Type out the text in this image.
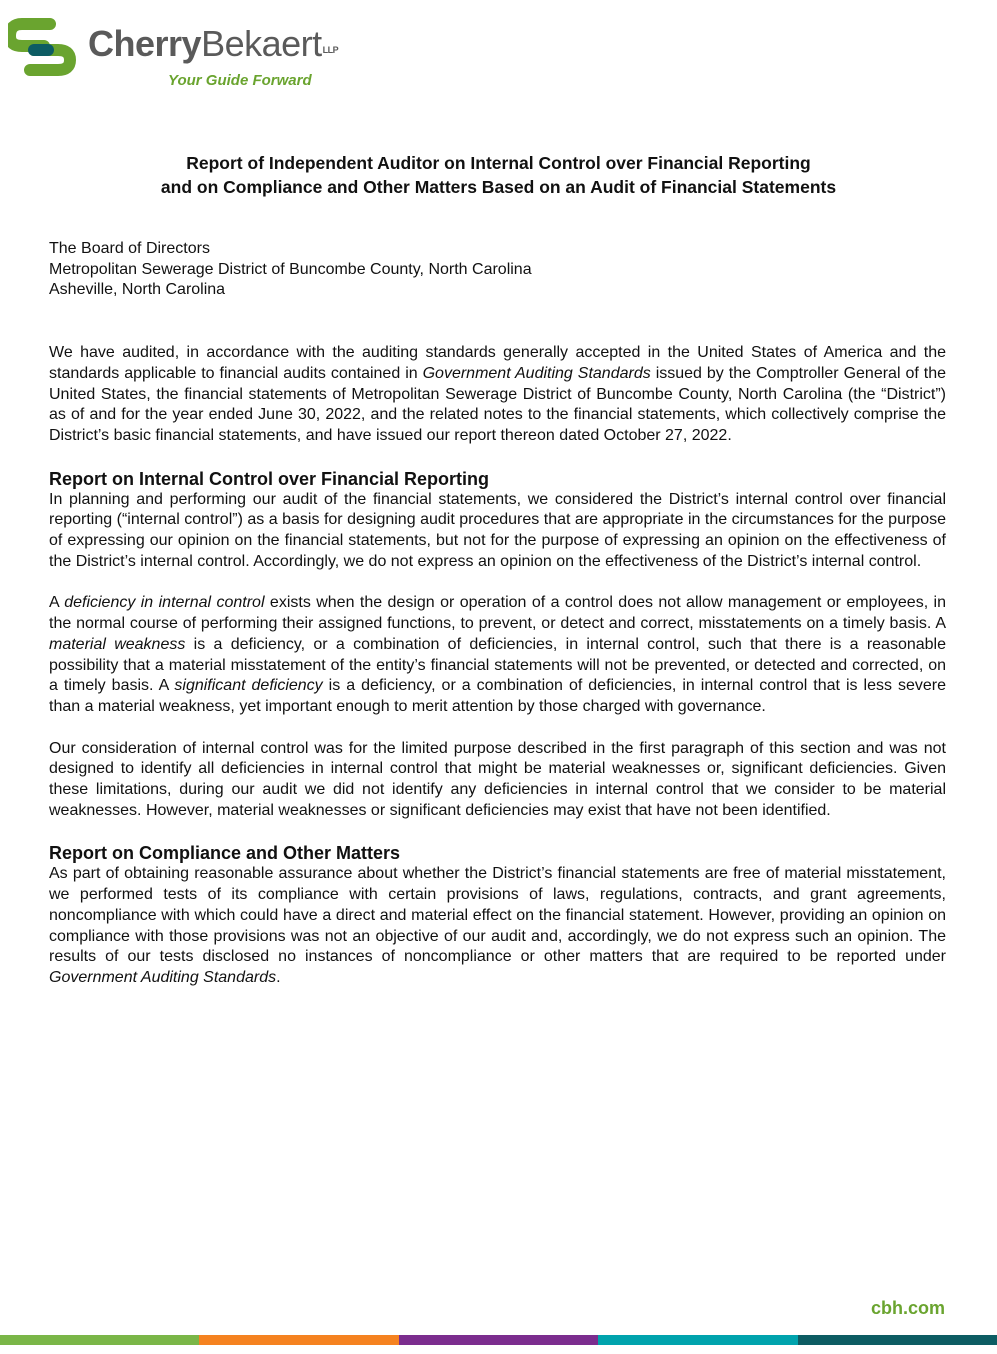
CherryBekaert$^{LLP}$
Your Guide Forward
Report of Independent Auditor on Internal Control over Financial Reporting
and on Compliance and Other Matters Based on an Audit of Financial Statements
The Board of Directors
Metropolitan Sewerage District of Buncombe County, North Carolina
Asheville, North Carolina

We have audited, in accordance with the auditing standards generally accepted in the United States of America and the standards applicable to financial audits contained in Government Auditing Standards issued by the Comptroller General of the United States, the financial statements of Metropolitan Sewerage District of Buncombe County, North Carolina (the “District”) as of and for the year ended June 30, 2022, and the related notes to the financial statements, which collectively comprise the District’s basic financial statements, and have issued our report thereon dated October 27, 2022.

Report on Internal Control over Financial Reporting

In planning and performing our audit of the financial statements, we considered the District’s internal control over financial reporting (“internal control”) as a basis for designing audit procedures that are appropriate in the circumstances for the purpose of expressing our opinion on the financial statements, but not for the purpose of expressing an opinion on the effectiveness of the District’s internal control. Accordingly, we do not express an opinion on the effectiveness of the District’s internal control.

A deficiency in internal control exists when the design or operation of a control does not allow management or employees, in the normal course of performing their assigned functions, to prevent, or detect and correct, misstatements on a timely basis. A material weakness is a deficiency, or a combination of deficiencies, in internal control, such that there is a reasonable possibility that a material misstatement of the entity’s financial statements will not be prevented, or detected and corrected, on a timely basis. A significant deficiency is a deficiency, or a combination of deficiencies, in internal control that is less severe than a material weakness, yet important enough to merit attention by those charged with governance.

Our consideration of internal control was for the limited purpose described in the first paragraph of this section and was not designed to identify all deficiencies in internal control that might be material weaknesses or, significant deficiencies. Given these limitations, during our audit we did not identify any deficiencies in internal control that we consider to be material weaknesses. However, material weaknesses or significant deficiencies may exist that have not been identified.

Report on Compliance and Other Matters

As part of obtaining reasonable assurance about whether the District’s financial statements are free of material misstatement, we performed tests of its compliance with certain provisions of laws, regulations, contracts, and grant agreements, noncompliance with which could have a direct and material effect on the financial statement. However, providing an opinion on compliance with those provisions was not an objective of our audit and, accordingly, we do not express such an opinion. The results of our tests disclosed no instances of noncompliance or other matters that are required to be reported under Government Auditing Standards.

cbh.com
